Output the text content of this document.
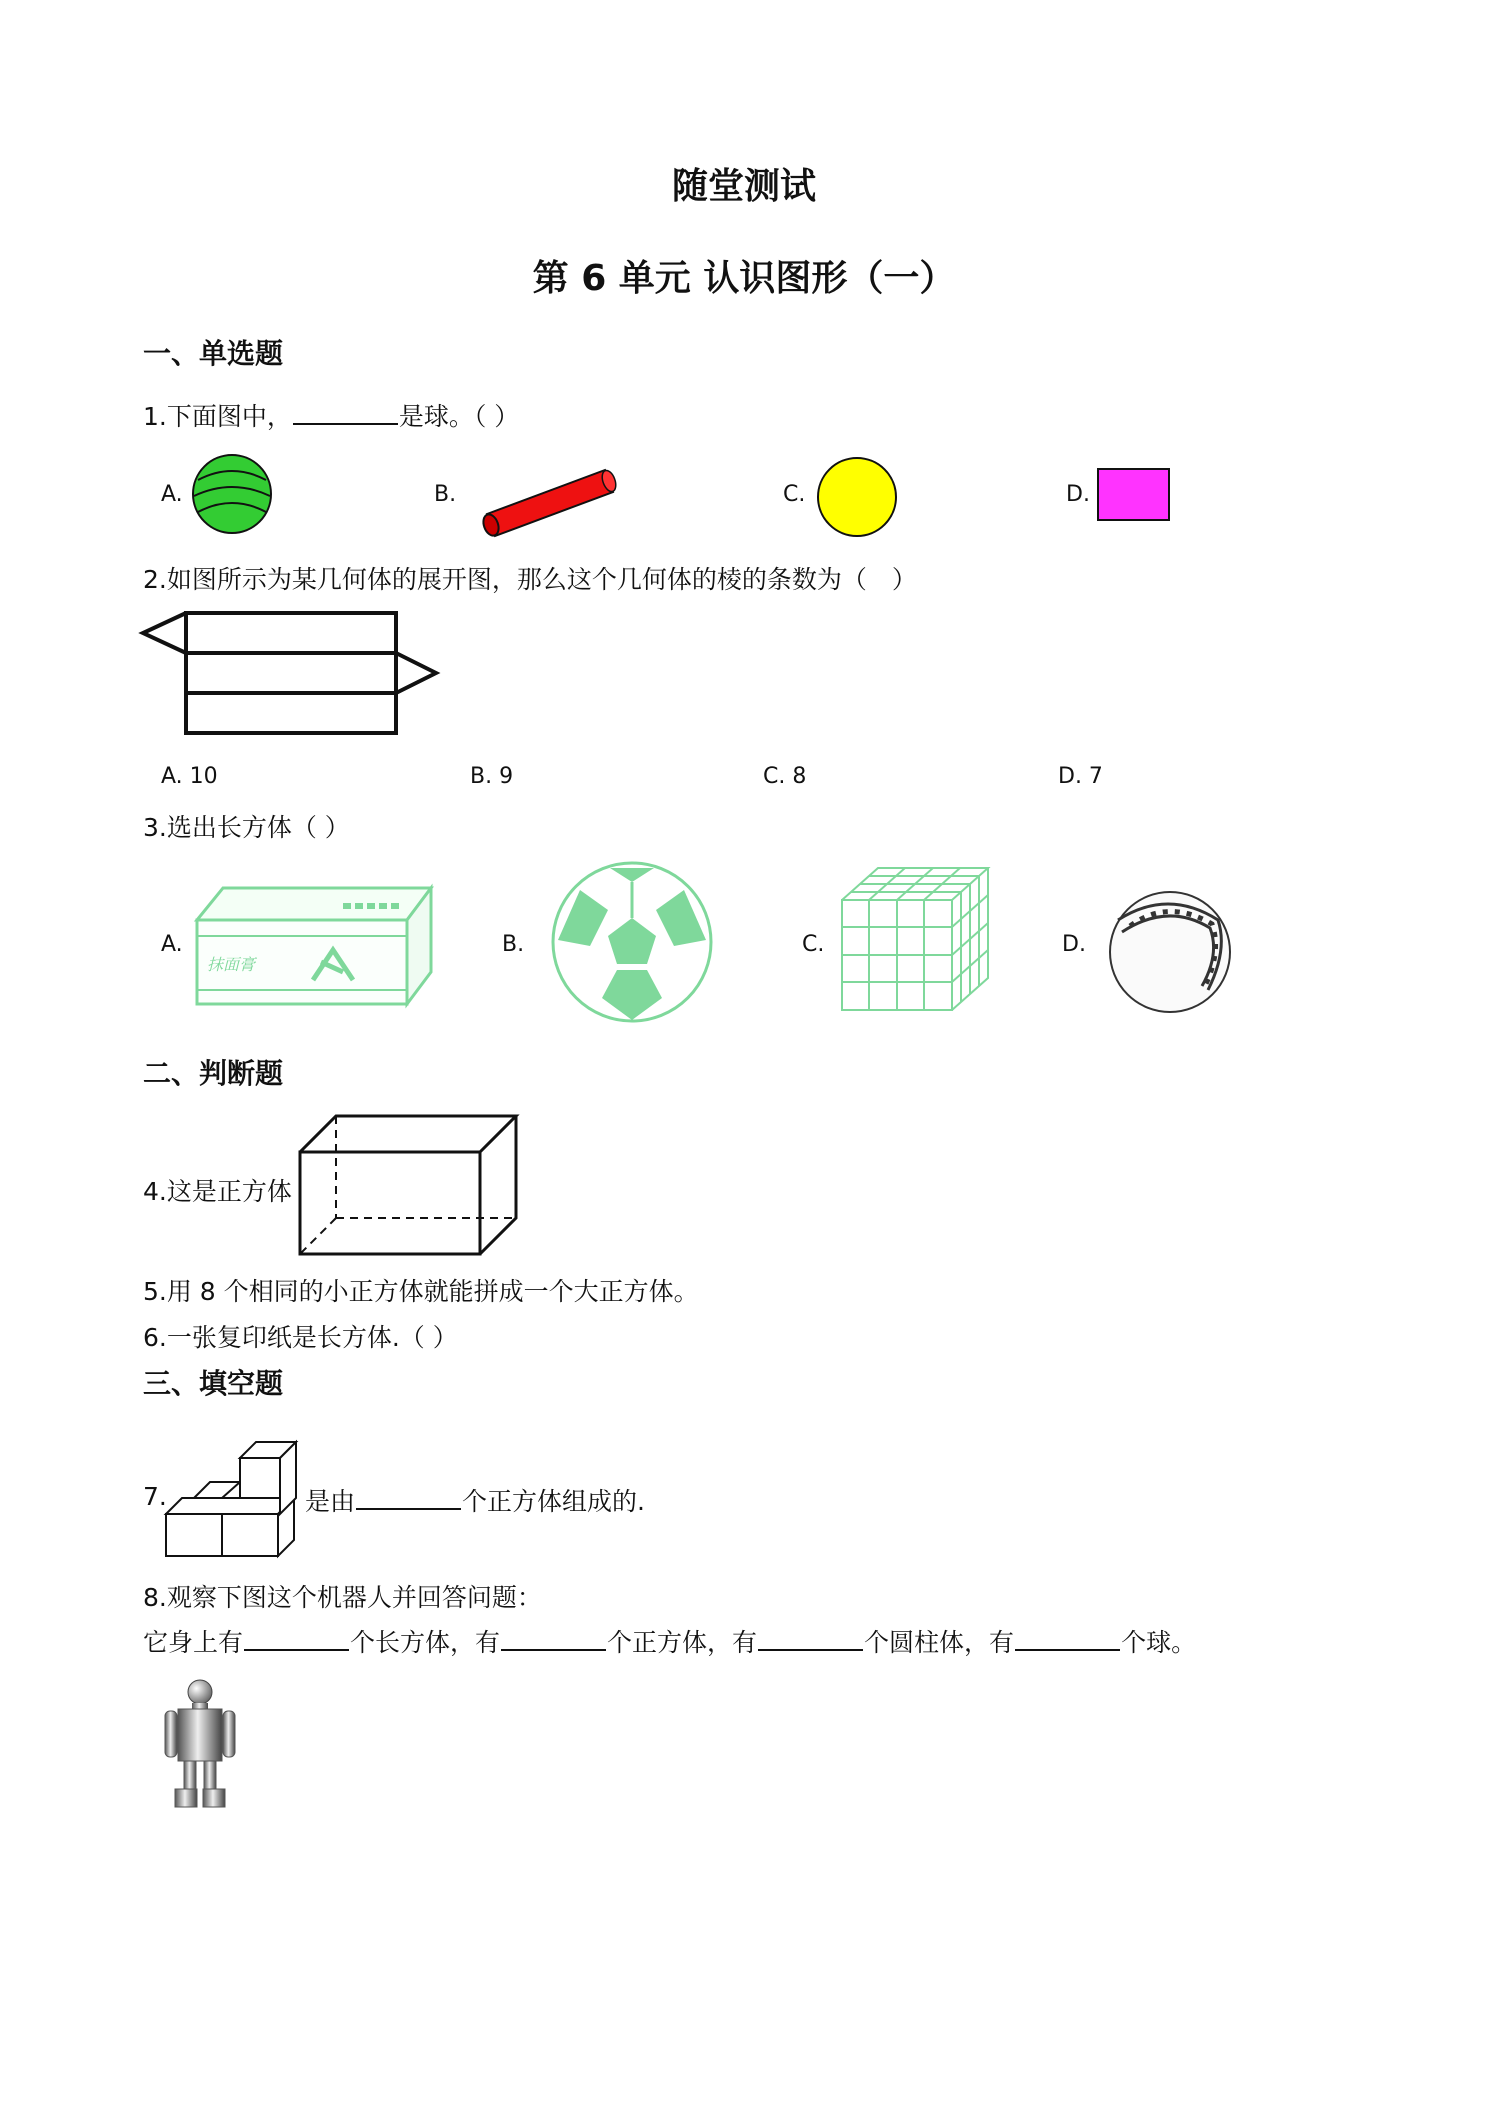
随堂测试
第 6 单元 认识图形（一）
一、单选题
1.下面图中，	是球。（ ）
A.	B.	C.	D.
2.如图所示为某几何体的展开图，那么这个几何体的棱的条数为（　）
A. 10	B. 9	C. 8	D. 7
3.选出长方体（ ）
A.	B.	C.	D.
抹面膏
二、判断题
4.这是正方体
5.用 8 个相同的小正方体就能拼成一个大正方体。
6.一张复印纸是长方体.（ ）
三、填空题
7.	是由	个正方体组成的.
8.观察下图这个机器人并回答问题：
它身上有	个长方体，有	个正方体，有	个圆柱体，有	个球。
